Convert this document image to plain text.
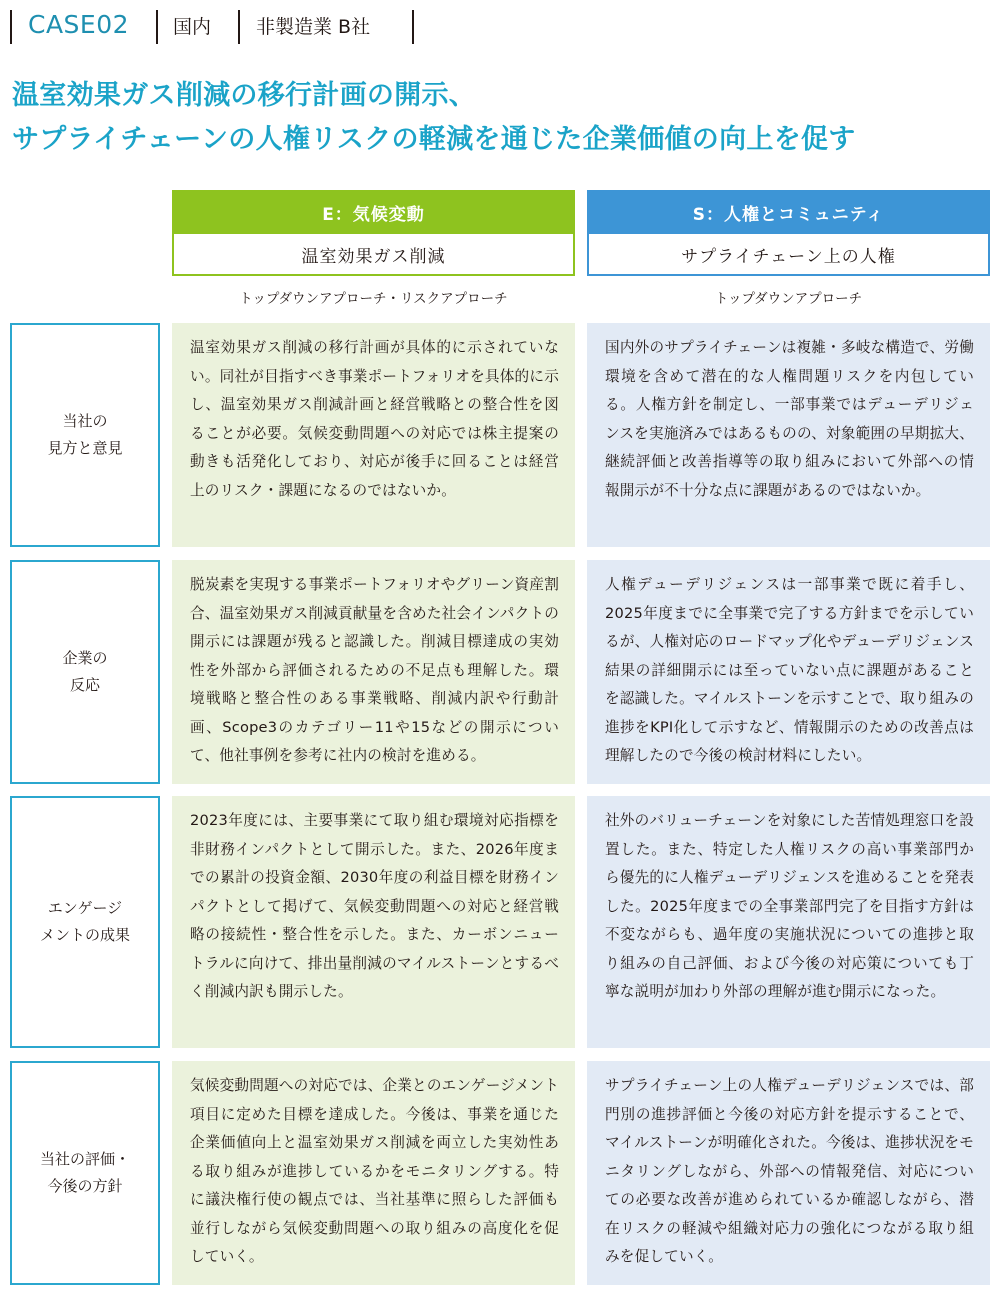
CASE02 国内 非製造業 B社
温室効果ガス削減の移行計画の開示、
サプライチェーンの人権リスクの軽減を通じた企業価値の向上を促す
E：気候変動
温室効果ガス削減
トップダウンアプローチ・リスクアプローチ
S：人権とコミュニティ
サプライチェーン上の人権
トップダウンアプローチ
当社の
見方と意見
温室効果ガス削減の移行計画が具体的に示されていない。同社が目指すべき事業ポートフォリオを具体的に示し、温室効果ガス削減計画と経営戦略との整合性を図ることが必要。気候変動問題への対応では株主提案の動きも活発化しており、対応が後手に回ることは経営上のリスク・課題になるのではないか。
国内外のサプライチェーンは複雑・多岐な構造で、労働環境を含めて潜在的な人権問題リスクを内包している。人権方針を制定し、一部事業ではデューデリジェンスを実施済みではあるものの、対象範囲の早期拡大、継続評価と改善指導等の取り組みにおいて外部への情報開示が不十分な点に課題があるのではないか。
企業の
反応
脱炭素を実現する事業ポートフォリオやグリーン資産割合、温室効果ガス削減貢献量を含めた社会インパクトの開示には課題が残ると認識した。削減目標達成の実効性を外部から評価されるための不足点も理解した。環境戦略と整合性のある事業戦略、削減内訳や行動計画、Scope3のカテゴリー11や15などの開示について、他社事例を参考に社内の検討を進める。
人権デューデリジェンスは一部事業で既に着手し、2025年度までに全事業で完了する方針までを示しているが、人権対応のロードマップ化やデューデリジェンス結果の詳細開示には至っていない点に課題があることを認識した。マイルストーンを示すことで、取り組みの進捗をKPI化して示すなど、情報開示のための改善点は理解したので今後の検討材料にしたい。
エンゲージ
メントの成果
2023年度には、主要事業にて取り組む環境対応指標を非財務インパクトとして開示した。また、2026年度までの累計の投資金額、2030年度の利益目標を財務インパクトとして掲げて、気候変動問題への対応と経営戦略の接続性・整合性を示した。また、カーボンニュートラルに向けて、排出量削減のマイルストーンとするべく削減内訳も開示した。
社外のバリューチェーンを対象にした苦情処理窓口を設置した。また、特定した人権リスクの高い事業部門から優先的に人権デューデリジェンスを進めることを発表した。2025年度までの全事業部門完了を目指す方針は不変ながらも、過年度の実施状況についての進捗と取り組みの自己評価、および今後の対応策についても丁寧な説明が加わり外部の理解が進む開示になった。
当社の評価・
今後の方針
気候変動問題への対応では、企業とのエンゲージメント項目に定めた目標を達成した。今後は、事業を通じた企業価値向上と温室効果ガス削減を両立した実効性ある取り組みが進捗しているかをモニタリングする。特に議決権行使の観点では、当社基準に照らした評価も並行しながら気候変動問題への取り組みの高度化を促していく。
サプライチェーン上の人権デューデリジェンスでは、部門別の進捗評価と今後の対応方針を提示することで、マイルストーンが明確化された。今後は、進捗状況をモニタリングしながら、外部への情報発信、対応についての必要な改善が進められているか確認しながら、潜在リスクの軽減や組織対応力の強化につながる取り組みを促していく。
